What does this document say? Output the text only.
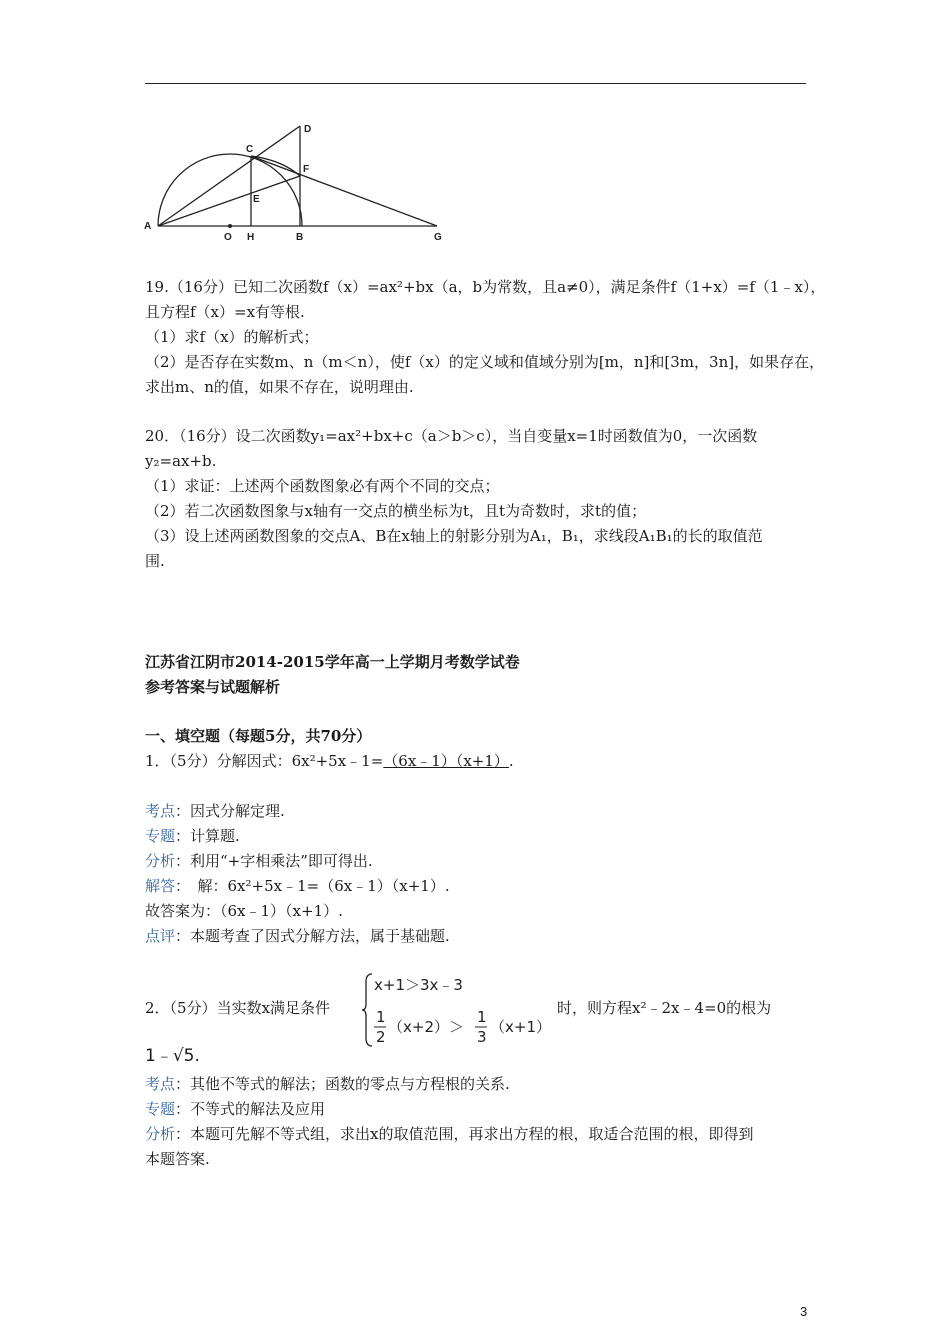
D
C
F
E
A
O H	B	G
19.（16分）已知二次函数f（x）=ax²+bx（a，b为常数，且a≠0），满足条件f（1+x）=f（1﹣x），
且方程f（x）=x有等根.
（1）求f（x）的解析式；
（2）是否存在实数m、n（m＜n），使f（x）的定义域和值域分别为[m，n]和[3m，3n]，如果存在，
求出m、n的值，如果不存在，说明理由.
20．（16分）设二次函数y₁=ax²+bx+c（a＞b＞c），当自变量x=1时函数值为0，一次函数
y₂=ax+b.
（1）求证：上述两个函数图象必有两个不同的交点；
（2）若二次函数图象与x轴有一交点的横坐标为t，且t为奇数时，求t的值；
（3）设上述两函数图象的交点A、B在x轴上的射影分别为A₁，B₁，求线段A₁B₁的长的取值范
围.
江苏省江阴市2014-2015学年高一上学期月考数学试卷
参考答案与试题解析
一、填空题（每题5分，共70分）
1．（5分）分解因式：6x²+5x﹣1=（6x﹣1）（x+1）.
考点：因式分解定理.
专题：计算题.
分析：利用“+字相乘法”即可得出.
解答：　解：6x²+5x﹣1=（6x﹣1）（x+1）.
故答案为：（6x﹣1）（x+1）.
点评：本题考查了因式分解方法，属于基础题.
2．（5分）当实数x满足条件
x+1＞3x﹣3
1
2
（x+2）＞
1
3
（x+1）
时，则方程x²﹣2x﹣4=0的根为
1﹣√5.
考点：其他不等式的解法；函数的零点与方程根的关系.
专题：不等式的解法及应用
分析：本题可先解不等式组，求出x的取值范围，再求出方程的根，取适合范围的根，即得到
本题答案.
3
